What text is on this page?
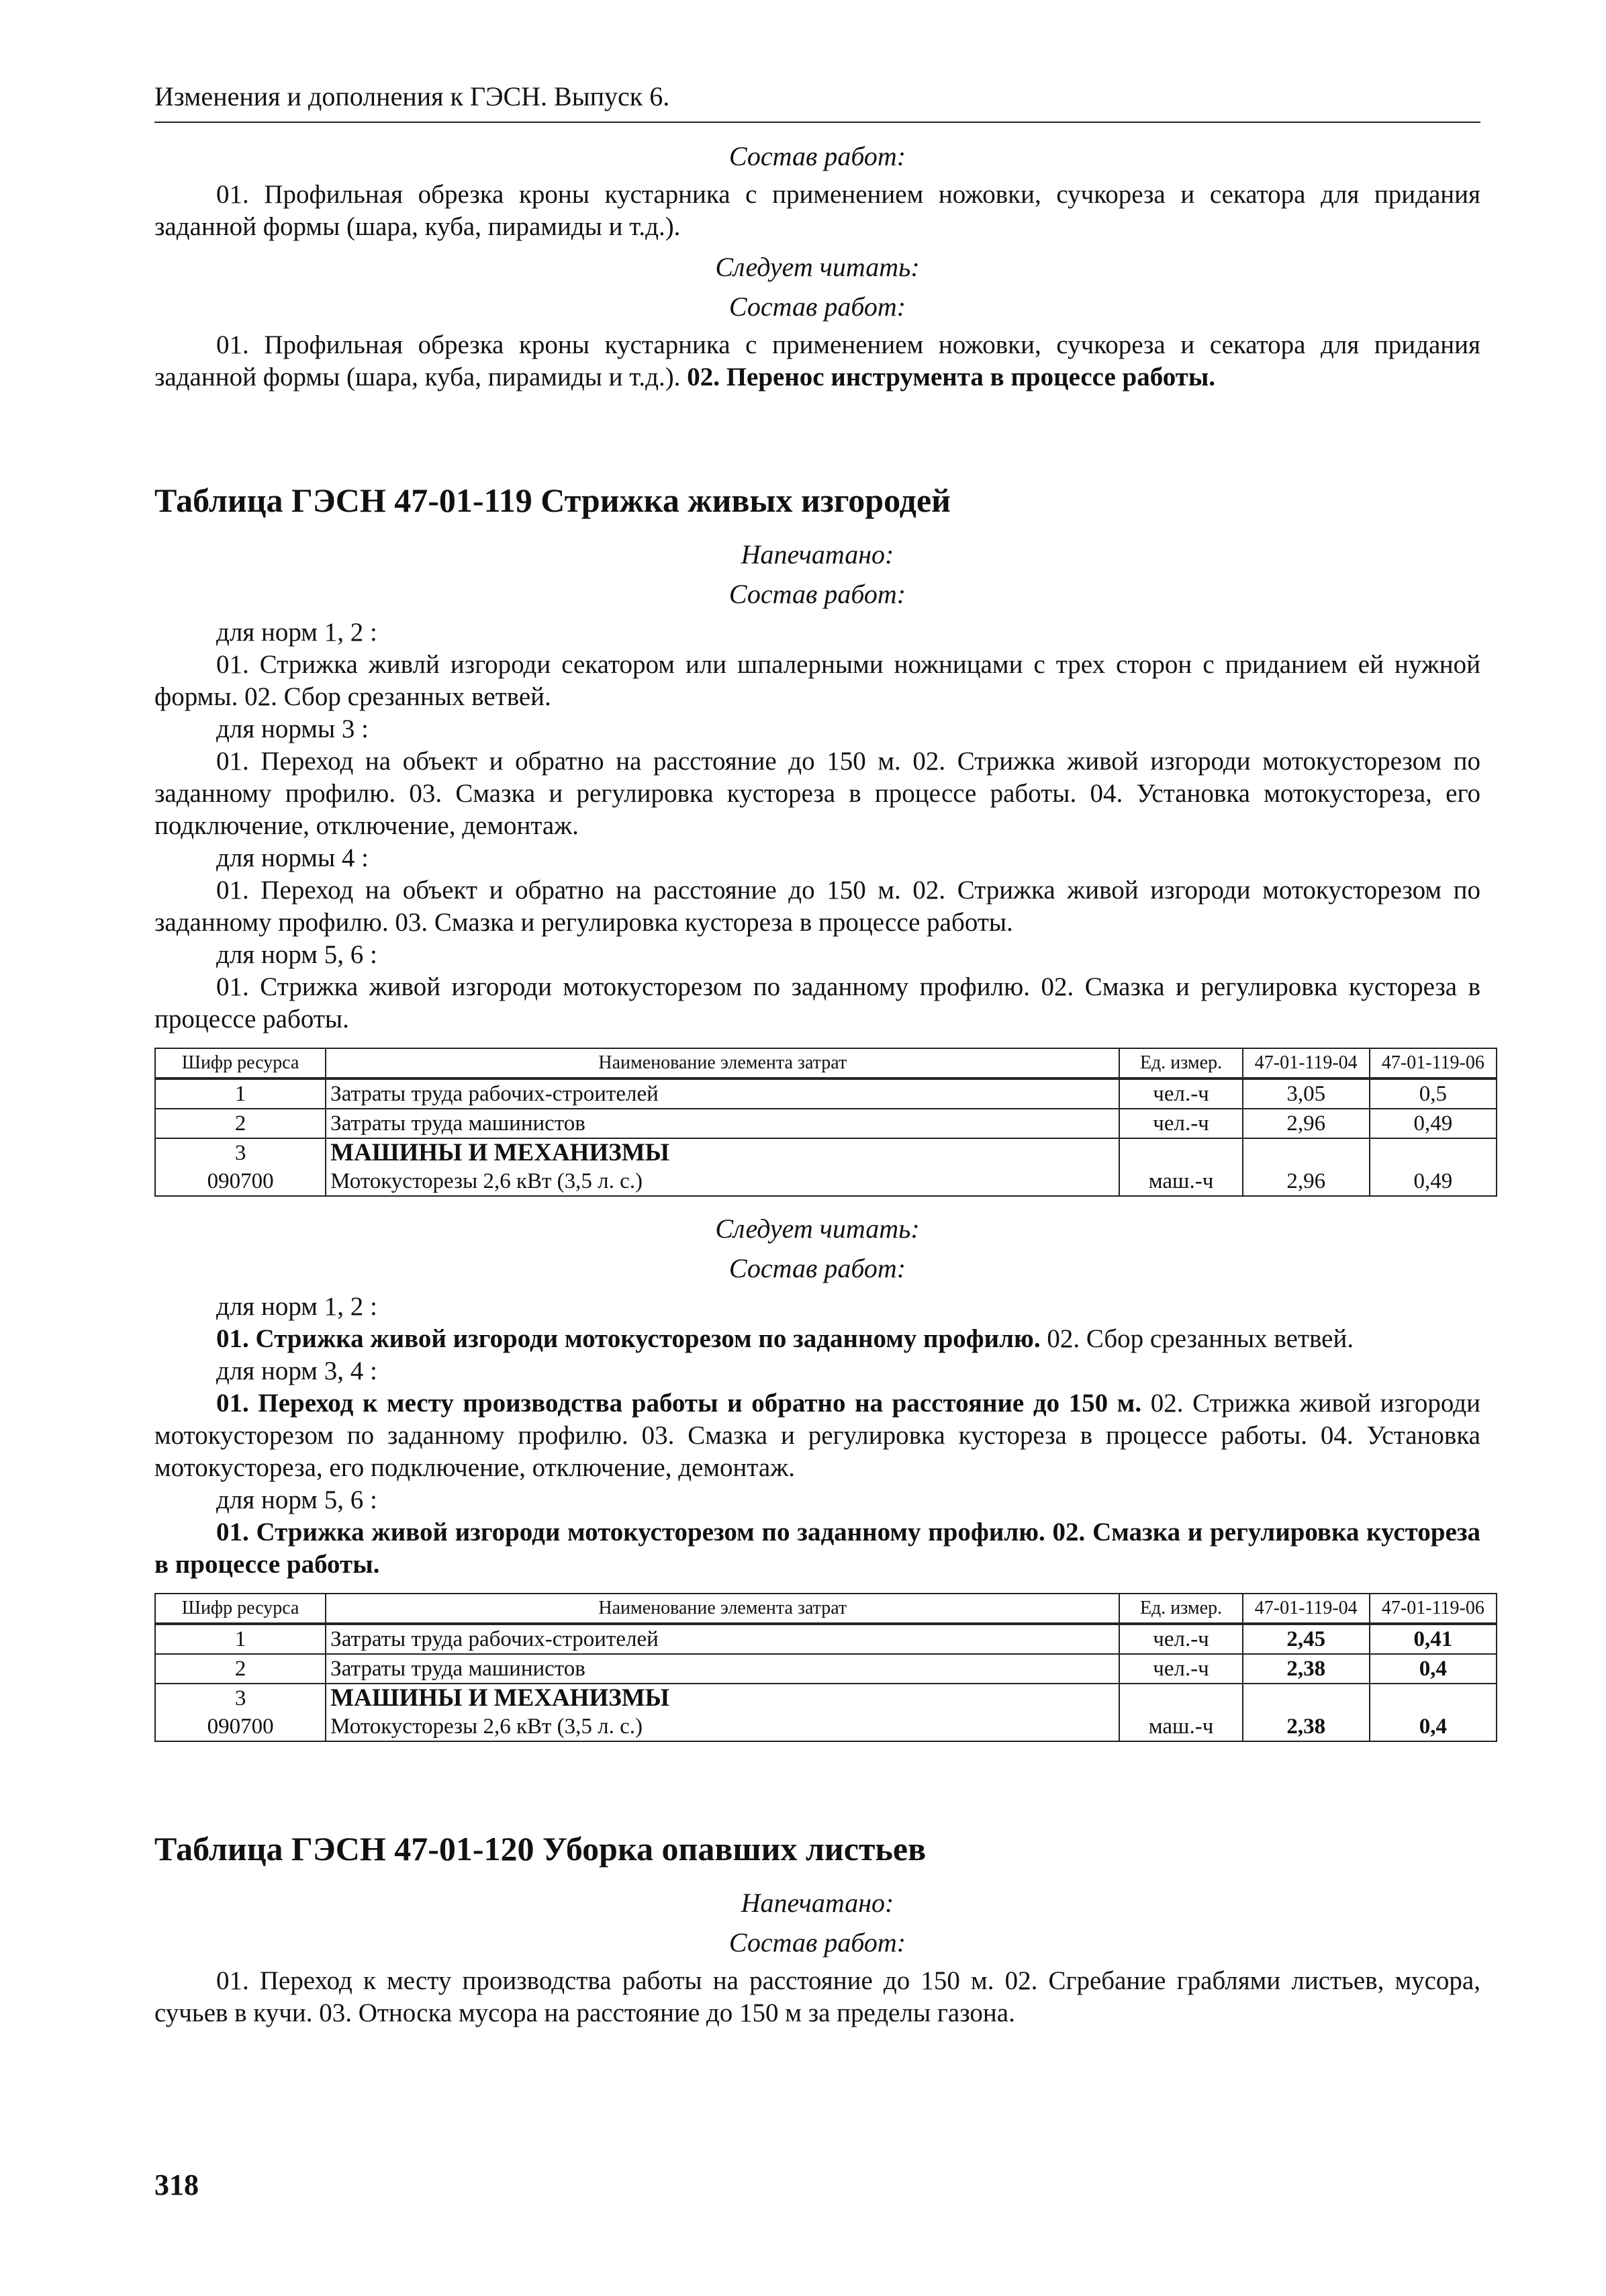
Изменения и дополнения к ГЭСН. Выпуск 6.
Состав работ:

01. Профильная обрезка кроны кустарника с применением ножовки, сучкореза и секатора для придания заданной формы (шара, куба, пирамиды и т.д.).

Следует читать:
Состав работ:

01. Профильная обрезка кроны кустарника с применением ножовки, сучкореза и секатора для придания заданной формы (шара, куба, пирамиды и т.д.). 02. Перенос инструмента в процессе работы.

Таблица ГЭСН 47-01-119 Стрижка живых изгородей
Напечатано:
Состав работ:
для норм 1, 2 :

01. Стрижка живлй изгороди секатором или шпалерными ножницами с трех сторон с приданием ей нужной формы. 02. Сбор срезанных ветвей.

для нормы 3 :

01. Переход на объект и обратно на расстояние до 150 м. 02. Стрижка живой изгороди мотокусторезом по заданному профилю. 03. Смазка и регулировка кустореза в процессе работы. 04. Установка мотокустореза, его подключение, отключение, демонтаж.

для нормы 4 :

01. Переход на объект и обратно на расстояние до 150 м. 02. Стрижка живой изгороди мотокусторезом по заданному профилю. 03. Смазка и регулировка кустореза в процессе работы.

для норм 5, 6 :

01. Стрижка живой изгороди мотокусторезом по заданному профилю. 02. Смазка и регулировка кустореза в процессе работы.

Шифр ресурса	Наименование элемента затрат	Ед. измер.	47-01-119-04	47-01-119-06
1	Затраты труда рабочих-строителей	чел.-ч	3,05	0,5
2	Затраты труда машинистов	чел.-ч	2,96	0,49
3	МАШИНЫ И МЕХАНИЗМЫ			
090700	Мотокусторезы 2,6 кВт (3,5 л. с.)	маш.-ч	2,96	0,49
Следует читать:
Состав работ:
для норм 1, 2 :

01. Стрижка живой изгороди мотокусторезом по заданному профилю. 02. Сбор срезанных ветвей.

для норм 3, 4 :

01. Переход к месту производства работы и обратно на расстояние до 150 м. 02. Стрижка живой изгороди мотокусторезом по заданному профилю. 03. Смазка и регулировка кустореза в процессе работы. 04. Установка мотокустореза, его подключение, отключение, демонтаж.

для норм 5, 6 :

01. Стрижка живой изгороди мотокусторезом по заданному профилю. 02. Смазка и регулировка кустореза в процессе работы.

Шифр ресурса	Наименование элемента затрат	Ед. измер.	47-01-119-04	47-01-119-06
1	Затраты труда рабочих-строителей	чел.-ч	2,45	0,41
2	Затраты труда машинистов	чел.-ч	2,38	0,4
3	МАШИНЫ И МЕХАНИЗМЫ			
090700	Мотокусторезы 2,6 кВт (3,5 л. с.)	маш.-ч	2,38	0,4
Таблица ГЭСН 47-01-120 Уборка опавших листьев
Напечатано:
Состав работ:

01. Переход к месту производства работы на расстояние до 150 м. 02. Сгребание граблями листьев, мусора, сучьев в кучи. 03. Относка мусора на расстояние до 150 м за пределы газона.

318
